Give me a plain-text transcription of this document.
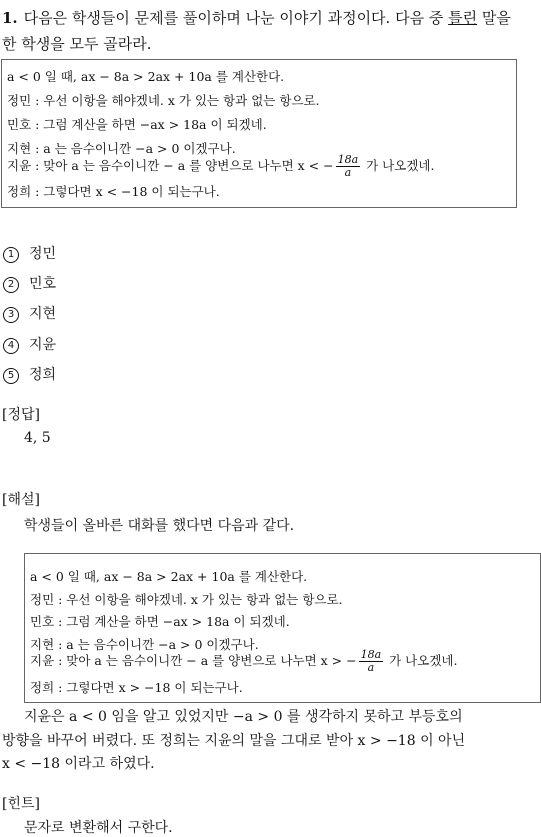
1. 다음은 학생들이 문제를 풀이하며 나눈 이야기 과정이다. 다음 중 틀린 말을
한 학생을 모두 골라라.
a < 0 일 때, ax − 8a > 2ax + 10a 를 계산한다.
정민 : 우선 이항을 해야겠네. x 가 있는 항과 없는 항으로.
민호 : 그럼 계산을 하면 −ax > 18a 이 되겠네.
지현 : a 는 음수이니깐 −a > 0 이겠구나.
지윤 : 맞아 a 는 음수이니깐 − a 를 양변으로 나누면 x < − $\frac{18a}{a}$ 가 나오겠네.
정희 : 그렇다면 x < −18 이 되는구나.
1 정민
2 민호
3 지현
4 지윤
5 정희
[정답]
4, 5
[해설]
학생들이 올바른 대화를 했다면 다음과 같다.
a < 0 일 때, ax − 8a > 2ax + 10a 를 계산한다.
정민 : 우선 이항을 해야겠네. x 가 있는 항과 없는 항으로.
민호 : 그럼 계산을 하면 −ax > 18a 이 되겠네.
지현 : a 는 음수이니깐 −a > 0 이겠구나.
지윤 : 맞아 a 는 음수이니깐 − a 를 양변으로 나누면 x > − $\frac{18a}{a}$ 가 나오겠네.
정희 : 그렇다면 x > −18 이 되는구나.
지윤은 a < 0 임을 알고 있었지만 −a > 0 를 생각하지 못하고 부등호의
방향을 바꾸어 버렸다. 또 정희는 지윤의 말을 그대로 받아 x > −18 이 아닌
x < −18 이라고 하였다.
[힌트]
문자로 변환해서 구한다.
